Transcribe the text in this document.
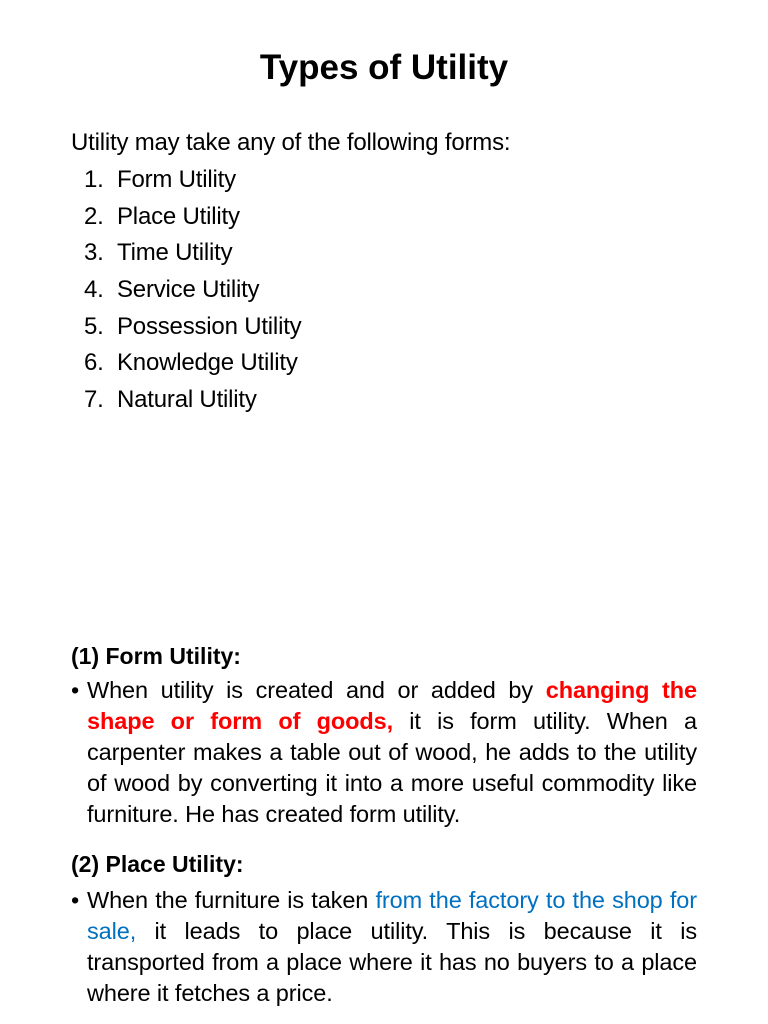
Types of Utility
Utility may take any of the following forms:
1. Form Utility
2. Place Utility
3. Time Utility
4. Service Utility
5. Possession Utility
6. Knowledge Utility
7. Natural Utility
(1) Form Utility:
• When utility is created and or added by changing the shape or form of goods, it is form utility. When a carpenter makes a table out of wood, he adds to the utility of wood by converting it into a more useful commodity like furniture. He has created form utility.
(2) Place Utility:
• When the furniture is taken from the factory to the shop for sale, it leads to place utility. This is because it is transported from a place where it has no buyers to a place where it fetches a price.
